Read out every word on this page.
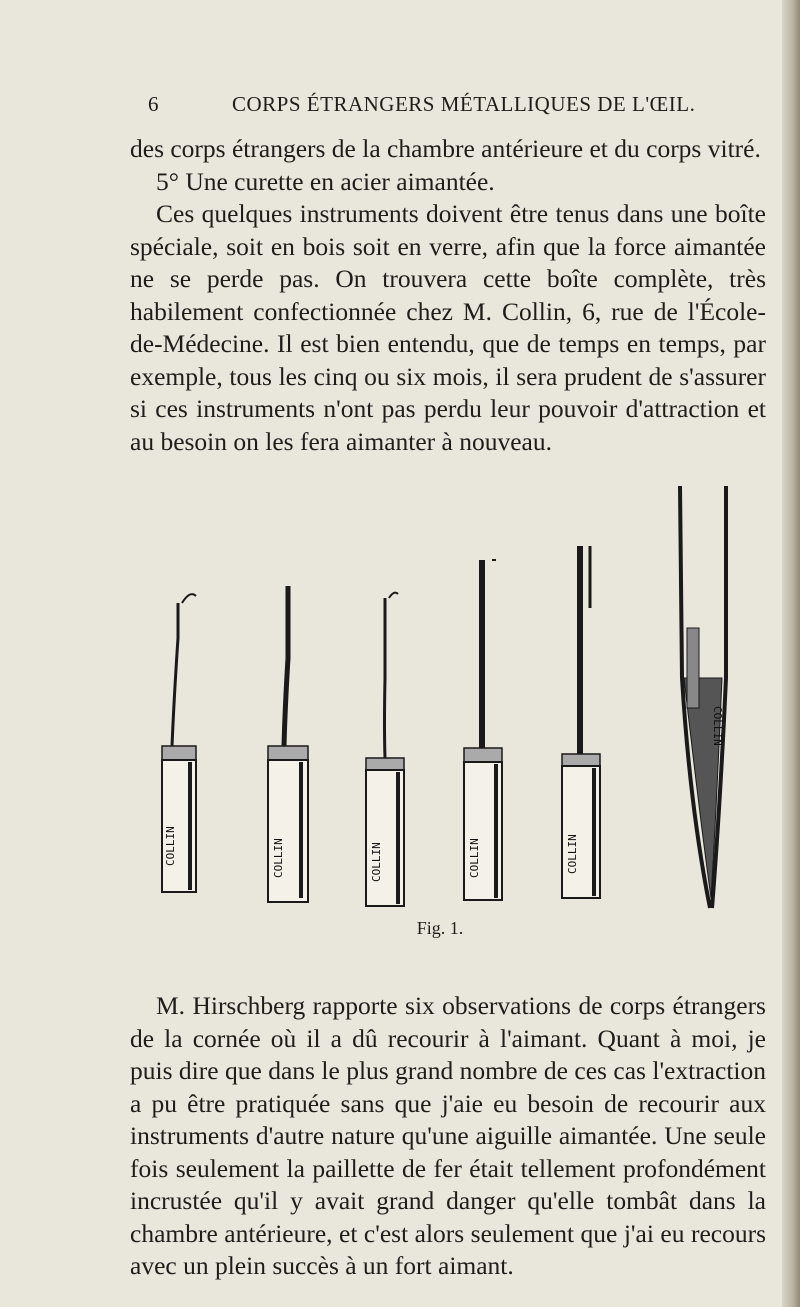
6	CORPS ÉTRANGERS MÉTALLIQUES DE L'ŒIL.

des corps étrangers de la chambre antérieure et du corps vitré.

5° Une curette en acier aimantée.

Ces quelques instruments doivent être tenus dans une boîte spéciale, soit en bois soit en verre, afin que la force aimantée ne se perde pas. On trouvera cette boîte complète, très habilement confectionnée chez M. Collin, 6, rue de l'École-de-Médecine. Il est bien entendu, que de temps en temps, par exemple, tous les cinq ou six mois, il sera prudent de s'assurer si ces instruments n'ont pas perdu leur pouvoir d'attraction et au besoin on les fera aimanter à nouveau.

COLLIN	COLLIN	COLLIN	COLLIN	COLLIN
COLLIN
Fig. 1.

M. Hirschberg rapporte six observations de corps étrangers de la cornée où il a dû recourir à l'aimant. Quant à moi, je puis dire que dans le plus grand nombre de ces cas l'extraction a pu être pratiquée sans que j'aie eu besoin de recourir aux instruments d'autre nature qu'une aiguille aimantée. Une seule fois seulement la paillette de fer était tellement profondément incrustée qu'il y avait grand danger qu'elle tombât dans la chambre antérieure, et c'est alors seulement que j'ai eu recours avec un plein succès à un fort aimant.
